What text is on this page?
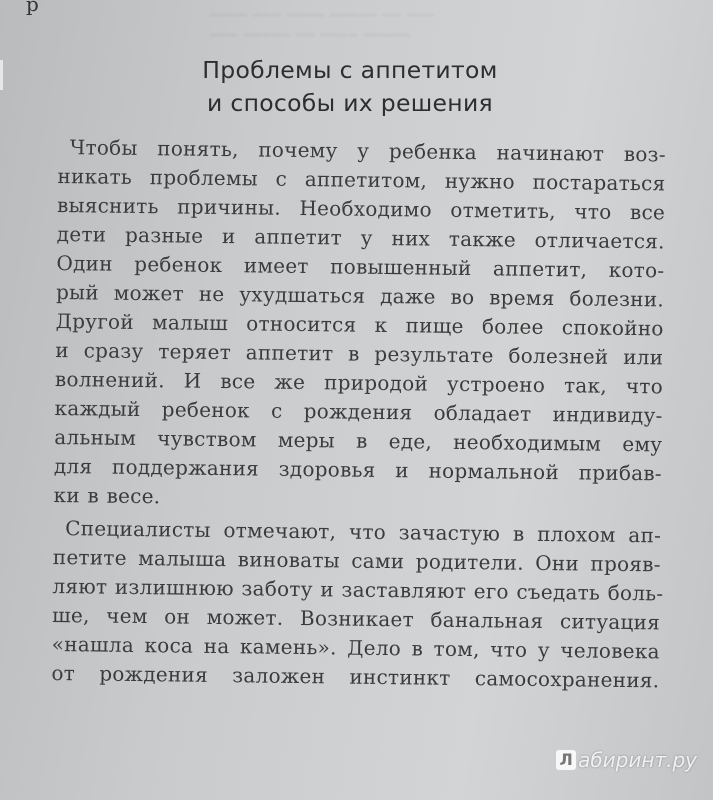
──── ─── ──── ───── ── ───
─── ───── ── ──── ─────
р
Проблемы с аппетитом
и способы их решения
Чтобы понять, почему у ребенка начинают воз-
никать проблемы с аппетитом, нужно постараться
выяснить причины. Необходимо отметить, что все
дети разные и аппетит у них также отличается.
Один ребенок имеет повышенный аппетит, кото-
рый может не ухудшаться даже во время болезни.
Другой малыш относится к пище более спокойно
и сразу теряет аппетит в результате болезней или
волнений. И все же природой устроено так, что
каждый ребенок с рождения обладает индивиду-
альным чувством меры в еде, необходимым ему
для поддержания здоровья и нормальной прибав-
ки в весе.
Специалисты отмечают, что зачастую в плохом ап-
петите малыша виноваты сами родители. Они прояв-
ляют излишнюю заботу и заставляют его съедать боль-
ше, чем он может. Возникает банальная ситуация
«нашла коса на камень». Дело в том, что у человека
от рождения заложен инстинкт самосохранения.
Л абиринт.ру
